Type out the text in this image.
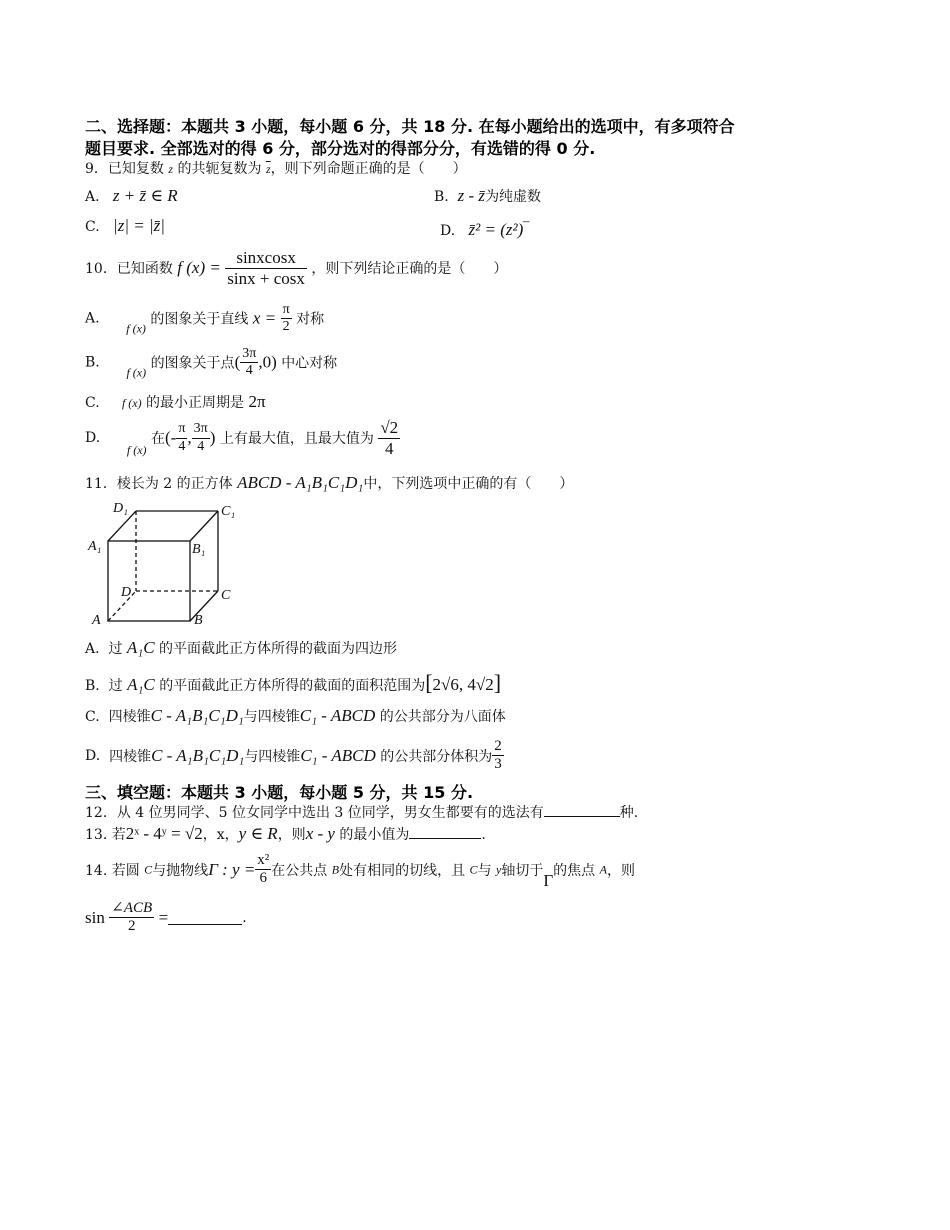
二、选择题：本题共 3 小题，每小题 6 分，共 18 分. 在每小题给出的选项中，有多项符合
题目要求. 全部选对的得 6 分，部分选对的得部分分，有选错的得 0 分.
9．已知复数 z 的共轭复数为 $\overline{z}$，则下列命题正确的是（　　）
A. z + z̄ ∈ R	B. z - z̄为纯虚数
C. |z| = |z̄|	D. z̄² = (z²)‾
10．已知函数 f $(x) = \frac{\text{sinxcosx}}{\sin x + \cos x}$ ，则下列结论正确的是（　　）
A.      f (x) 的图象关于直线 $x = \frac{\pi}{2}$ 对称
B.      f (x) 的图象关于点( $\frac{3\pi}{4} ,0$) 中心对称
C. f (x) 的最小正周期是 2π
D.      f (x) 在(- $\frac{\pi}{4}$ , $\frac{3\pi}{4}$ ) 上有最大值，且最大值为 $\frac{√2}{4}$
11．棱长为 2 的正方体 ABCD - A₁B₁C₁D₁中，下列选项中正确的有（　　）
D₁	C₁
A₁	B₁
D	C
A	B
A. 过 A₁C 的平面截此正方体所得的截面为四边形
B. 过 A₁C 的平面截此正方体所得的截面的面积范围为[2√6, 4√2]
C. 四棱锥C - A₁B₁C₁D₁与四棱锥C₁ - ABCD 的公共部分为八面体
D. 四棱锥C - A₁B₁C₁D₁与四棱锥C₁ - ABCD 的公共部分体积为 $\frac{2}{3}$
三、填空题：本题共 3 小题，每小题 5 分，共 15 分.
12．从 4 位男同学、5 位女同学中选出 3 位同学，男女生都要有的选法有	种.
13. 若2ˣ - 4ʸ = √2，x，y ∈ R，则x - y 的最小值为	.
14. 若圆 C与抛物线Γ : $y = \frac{\text{x²}}{6}$ 在公共点 B处有相同的切线，且 C与 y轴切于Γ的焦点 A，则
$\sin \frac{\text{∠ACB}}{2}$ =	.
